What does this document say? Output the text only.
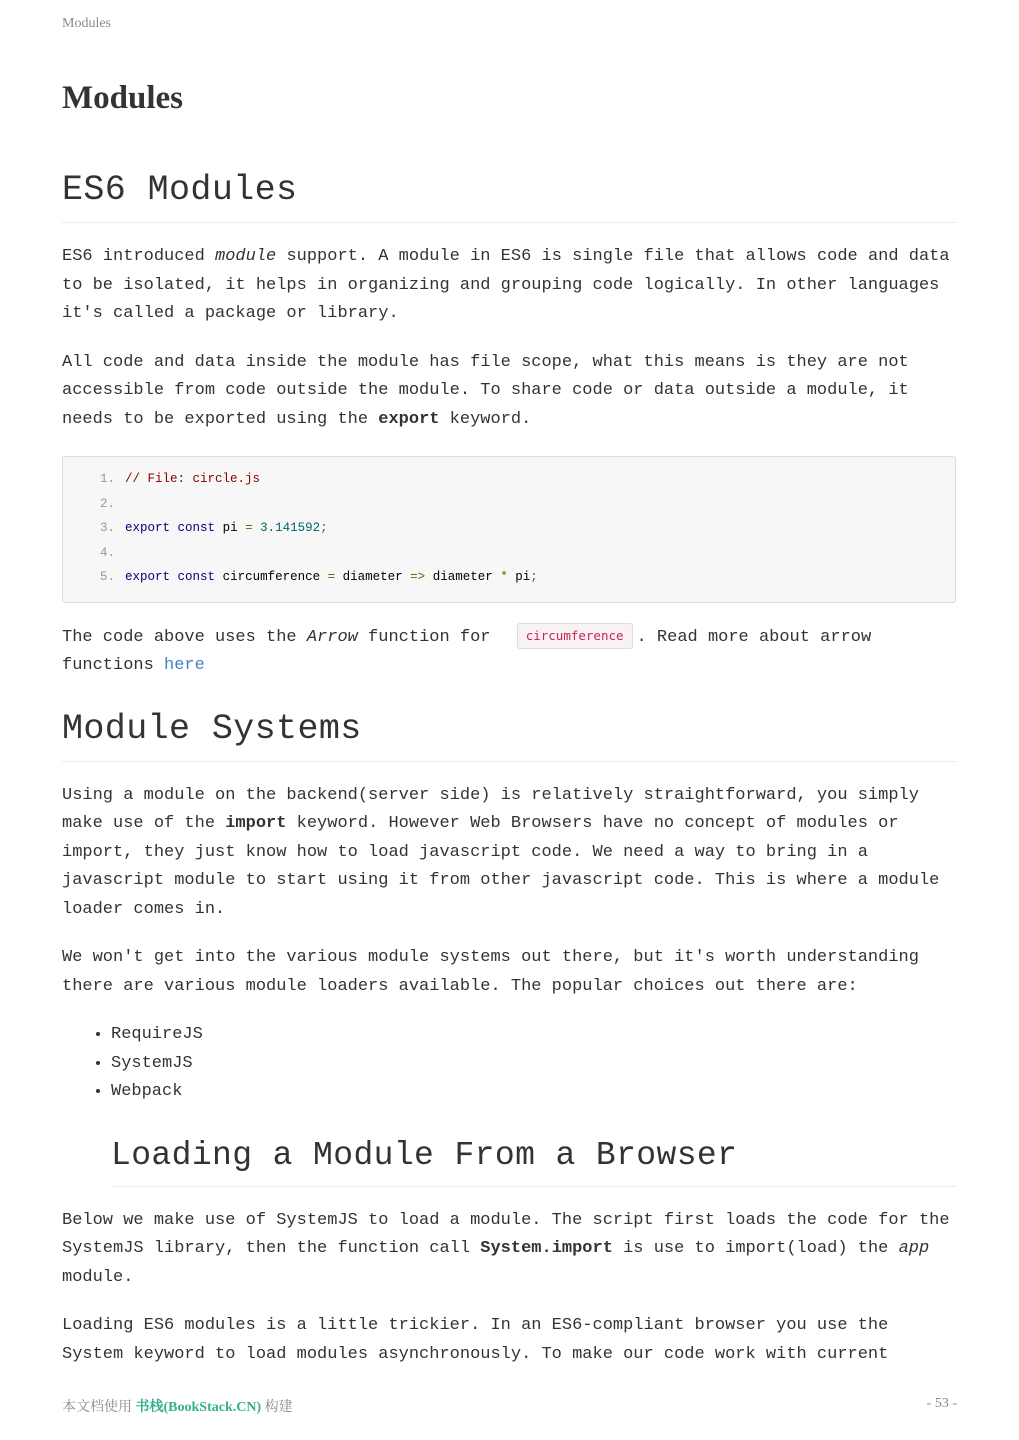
Modules
Modules
ES6 Modules

ES6 introduced module support. A module in ES6 is single file that allows code and data to be isolated, it helps in organizing and grouping code logically. In other languages it's called a package or library.

All code and data inside the module has file scope, what this means is they are not accessible from code outside the module. To share code or data outside a module, it needs to be exported using the export keyword.

1. // File: circle.js
2.
3. export const pi = 3.141592;
4.
5. export const circumference = diameter => diameter * pi;

The code above uses the Arrow function for circumference . Read more about arrow functions here

Module Systems

Using a module on the backend(server side) is relatively straightforward, you simply make use of the import keyword. However Web Browsers have no concept of modules or import, they just know how to load javascript code. We need a way to bring in a javascript module to start using it from other javascript code. This is where a module loader comes in.

We won't get into the various module systems out there, but it's worth understanding there are various module loaders available. The popular choices out there are:

• RequireJS
• SystemJS
• Webpack
Loading a Module From a Browser

Below we make use of SystemJS to load a module. The script first loads the code for the SystemJS library, then the function call System.import is use to import(load) the app module.

Loading ES6 modules is a little trickier. In an ES6-compliant browser you use the System keyword to load modules asynchronously. To make our code work with current

本文档使用 书栈(BookStack.CN) 构建	- 53 -
